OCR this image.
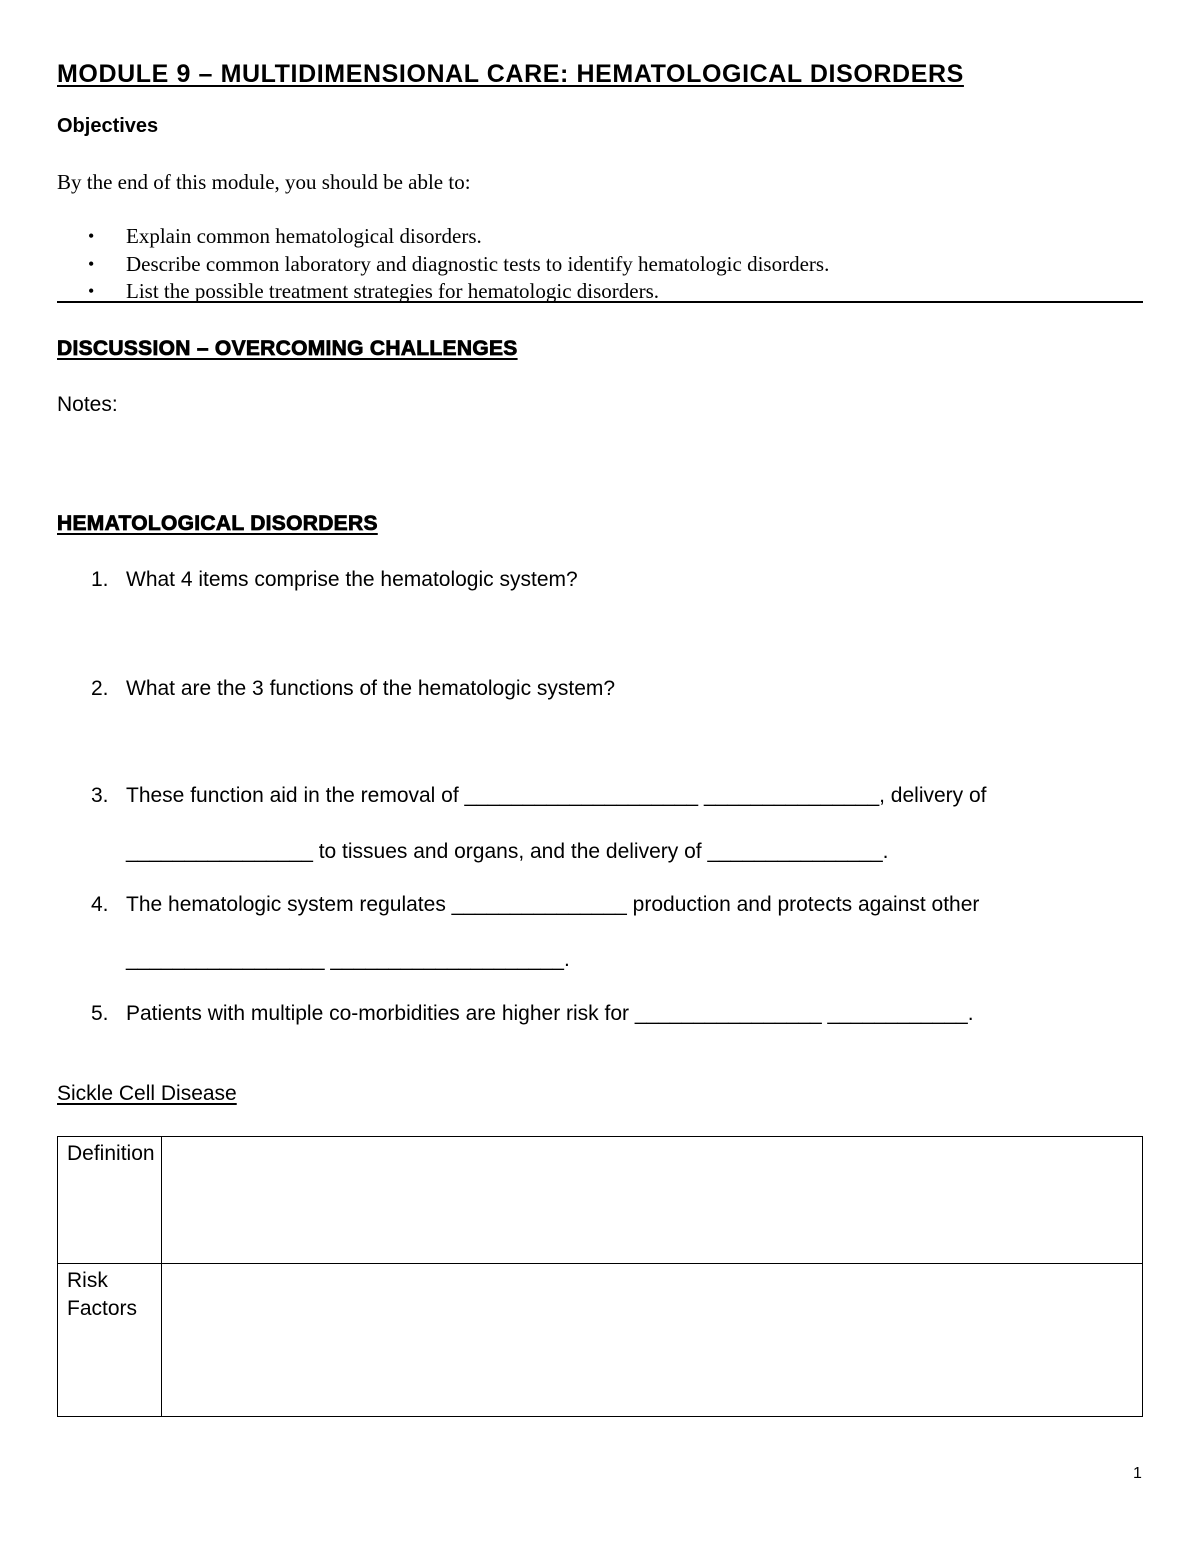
MODULE 9 – MULTIDIMENSIONAL CARE: HEMATOLOGICAL DISORDERS
Objectives
By the end of this module, you should be able to:
• Explain common hematological disorders.
• Describe common laboratory and diagnostic tests to identify hematologic disorders.
• List the possible treatment strategies for hematologic disorders.
DISCUSSION – OVERCOMING CHALLENGES
Notes:
HEMATOLOGICAL DISORDERS
1. What 4 items comprise the hematologic system?
2. What are the 3 functions of the hematologic system?
3. These function aid in the removal of ____________________ _______________, delivery of
________________ to tissues and organs, and the delivery of _______________.
4. The hematologic system regulates _______________ production and protects against other
_________________ ____________________.
5. Patients with multiple co-morbidities are higher risk for ________________ ____________.
Sickle Cell Disease
Definition	
Risk Factors	
1
